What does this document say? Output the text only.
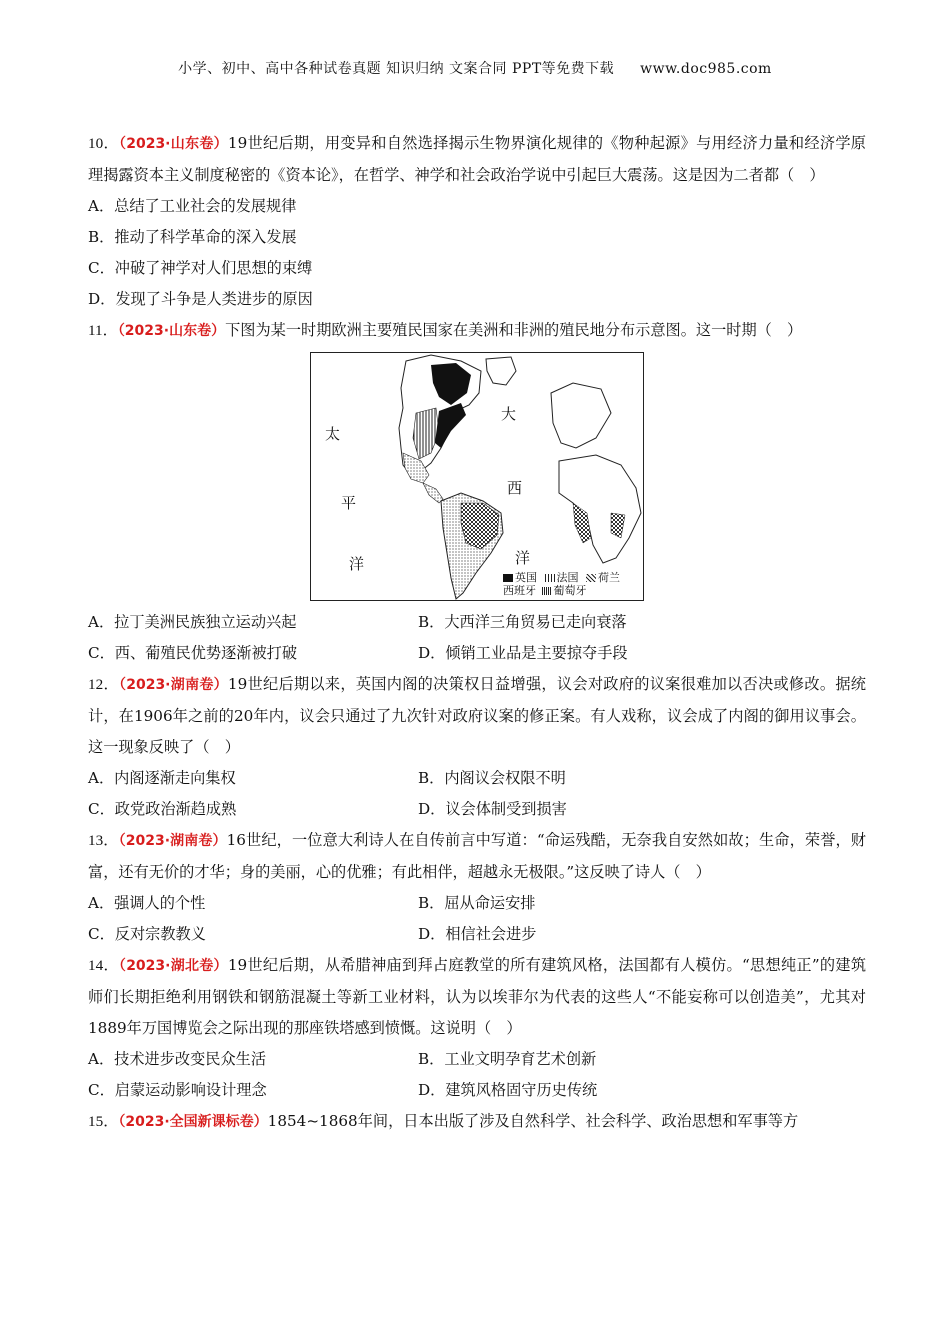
小学、初中、高中各种试卷真题 知识归纳 文案合同 PPT等免费下载 www.doc985.com
10．（2023·山东卷）19世纪后期，用变异和自然选择揭示生物界演化规律的《物种起源》与用经济力量和经济学原理揭露资本主义制度秘密的《资本论》，在哲学、神学和社会政治学说中引起巨大震荡。这是因为二者都（　）
A．总结了工业社会的发展规律
B．推动了科学革命的深入发展
C．冲破了神学对人们思想的束缚
D．发现了斗争是人类进步的原因
11．（2023·山东卷）下图为某一时期欧洲主要殖民国家在美洲和非洲的殖民地分布示意图。这一时期（　）
太
平
洋
大
西
洋
英国 法国 荷兰
西班牙 葡萄牙
A．拉丁美洲民族独立运动兴起	B．大西洋三角贸易已走向衰落
C．西、葡殖民优势逐渐被打破	D．倾销工业品是主要掠夺手段
12．（2023·湖南卷）19世纪后期以来，英国内阁的决策权日益增强，议会对政府的议案很难加以否决或修改。据统计，在1906年之前的20年内，议会只通过了九次针对政府议案的修正案。有人戏称，议会成了内阁的御用议事会。这一现象反映了（　）
A．内阁逐渐走向集权	B．内阁议会权限不明
C．政党政治渐趋成熟	D．议会体制受到损害
13．（2023·湖南卷）16世纪，一位意大利诗人在自传前言中写道：“命运残酷，无奈我自安然如故；生命，荣誉，财富，还有无价的才华；身的美丽，心的优雅；有此相伴，超越永无极限。”这反映了诗人（　）
A．强调人的个性	B．屈从命运安排
C．反对宗教教义	D．相信社会进步
14．（2023·湖北卷）19世纪后期，从希腊神庙到拜占庭教堂的所有建筑风格，法国都有人模仿。“思想纯正”的建筑师们长期拒绝利用钢铁和钢筋混凝土等新工业材料，认为以埃菲尔为代表的这些人“不能妄称可以创造美”，尤其对1889年万国博览会之际出现的那座铁塔感到愤慨。这说明（　）
A．技术进步改变民众生活	B．工业文明孕育艺术创新
C．启蒙运动影响设计理念	D．建筑风格固守历史传统
15．（2023·全国新课标卷）1854~1868年间，日本出版了涉及自然科学、社会科学、政治思想和军事等方
